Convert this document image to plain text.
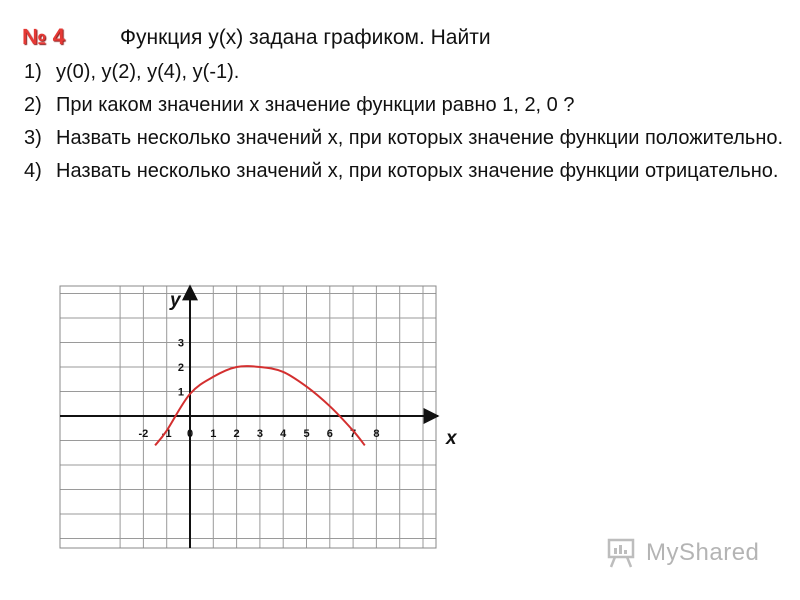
№ 4	Функция у(х) задана графиком. Найти
1) у(0), у(2), у(4), у(-1).
2) При каком значении х значение функции равно 1, 2, 0 ?
3) Назвать несколько значений х, при которых значение функции положительно.
4) Назвать несколько значений х, при которых значение функции отрицательно.
-2 -1 0 1 2 3 4 5 6 7 8
1
2
3
х
у
MyShared
